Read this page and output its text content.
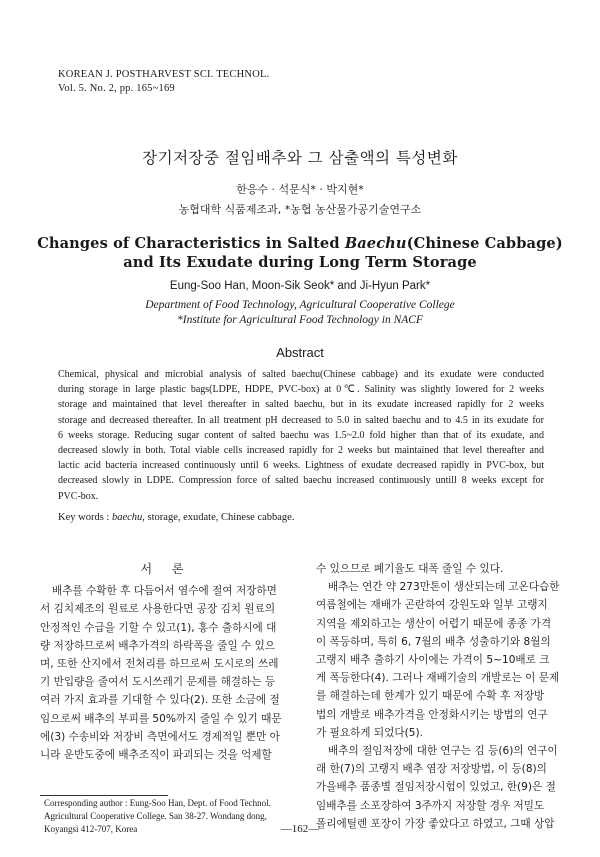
KOREAN J. POSTHARVEST SCI. TECHNOL.
Vol. 5. No. 2, pp. 165~169
장기저장중 절임배추와 그 삼출액의 특성변화
한응수 · 석문식* · 박지현*
농협대학 식품제조과, *농협 농산물가공기술연구소
Changes of Characteristics in Salted Baechu(Chinese Cabbage)
and Its Exudate during Long Term Storage
Eung-Soo Han, Moon-Sik Seok* and Ji-Hyun Park*
Department of Food Technology, Agricultural Cooperative College
*Institute for Agricultural Food Technology in NACF
Abstract
Chemical, physical and microbial analysis of salted baechu(Chinese cabbage) and its exudate were conducted
during storage in large plastic bags(LDPE, HDPE, PVC-box) at 0℃. Salinity was slightly lowered for 2 weeks
storage and maintained that level thereafter in salted baechu, but in its exudate increased rapidly for 2 weeks
storage and decreased thereafter. In all treatment pH decreased to 5.0 in salted baechu and to 4.5 in its exudate for
6 weeks storage. Reducing sugar content of salted baechu was 1.5~2.0 fold higher than that of its exudate, and
decreased slowly in both. Total viable cells increased rapidly for 2 weeks but maintained that level thereafter and
lactic acid bacteria increased continuously until 6 weeks. Lightness of exudate decreased rapidly in PVC-box, but
decreased slowly in LDPE. Compression force of salted baechu increased continuously untill 8 weeks except for
PVC-box.
Key words : baechu, storage, exudate, Chinese cabbage.
서 론
배추를 수확한 후 다듬어서 염수에 절여 저장하면
서 김치제조의 원료로 사용한다면 공장 김치 원료의
안정적인 수급을 기할 수 있고(1), 홍수 출하시에 대
량 저장하므로써 배추가격의 하락폭을 줄일 수 있으
며, 또한 산지에서 전처리를 하므로써 도시로의 쓰레
기 반입량을 줄여서 도시쓰레기 문제를 해결하는 등
여러 가지 효과를 기대할 수 있다(2). 또한 소금에 절
임으로써 배추의 부피를 50%까지 줄일 수 있기 때문
에(3) 수송비와 저장비 측면에서도 경제적일 뿐만 아
니라 운반도중에 배추조직이 파괴되는 것을 억제할
수 있으므로 폐기율도 대폭 줄일 수 있다.
배추는 연간 약 273만톤이 생산되는데 고온다습한
여름철에는 재배가 곤란하여 강원도와 일부 고랭지
지역을 제외하고는 생산이 어렵기 때문에 종종 가격
이 폭등하며, 특히 6, 7월의 배추 성출하기와 8월의
고랭지 배추 출하기 사이에는 가격이 5~10배로 크
게 폭등한다(4). 그러나 재배기술의 개발로는 이 문제
를 해결하는데 한계가 있기 때문에 수확 후 저장방
법의 개발로 배추가격을 안정화시키는 방법의 연구
가 필요하게 되었다(5).
배추의 절임저장에 대한 연구는 김 등(6)의 연구이
래 한(7)의 고랭지 배추 염장 저장방법, 이 등(8)의
가을배추 품종별 절임저장시험이 있었고, 한(9)은 절
임배추를 소포장하여 3주까지 저장할 경우 저밀도
폴리에틸렌 포장이 가장 좋았다고 하였고, 그때 상압
Corresponding author : Eung-Soo Han, Dept. of Food Technol.
Agricultural Cooperative College. San 38-27. Wondang dong,
Koyangsi 412-707, Korea	—162—
